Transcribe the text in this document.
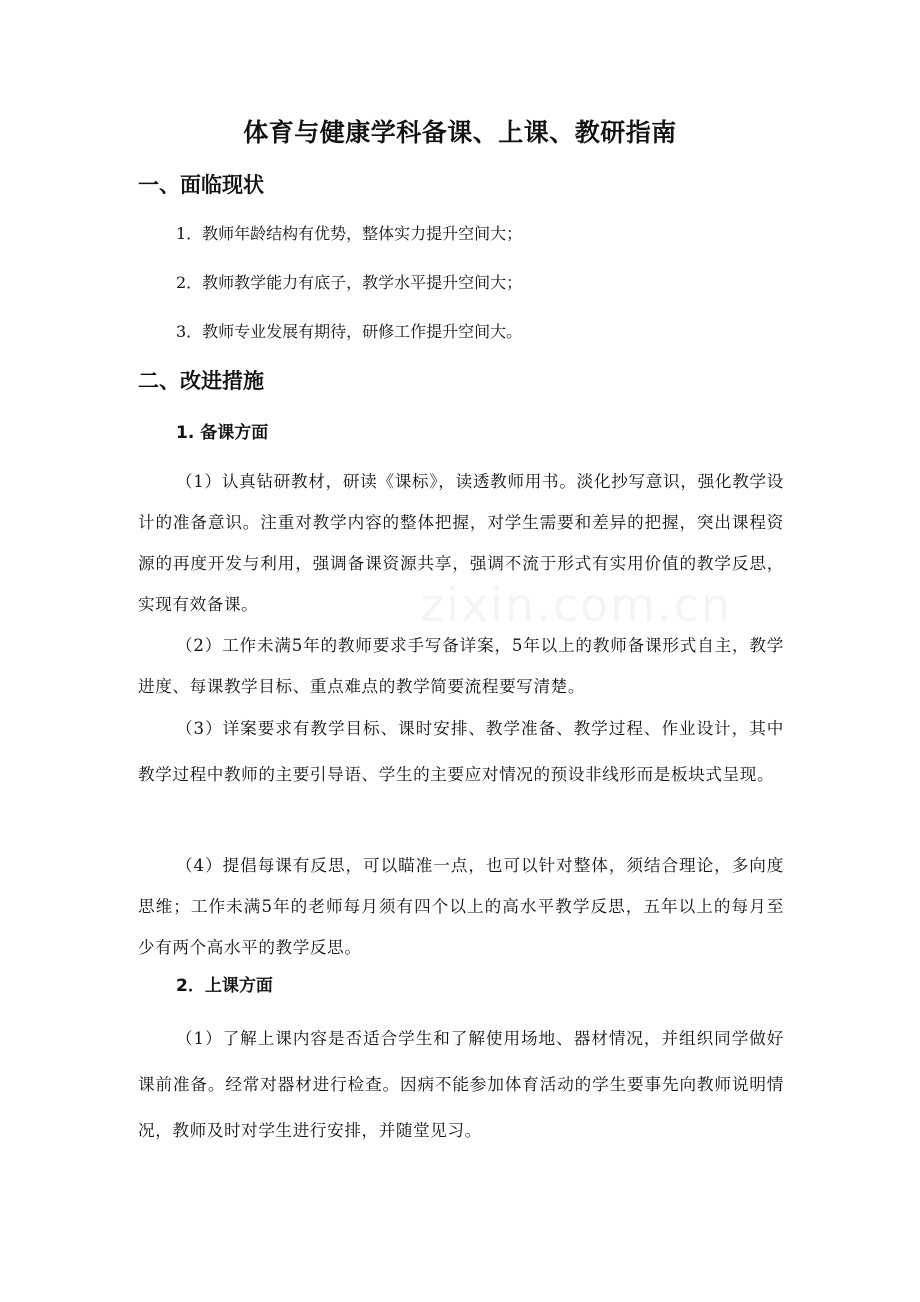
zixin.com.cn
体育与健康学科备课、上课、教研指南
一、面临现状
1．教师年龄结构有优势，整体实力提升空间大；
2．教师教学能力有底子，教学水平提升空间大；
3．教师专业发展有期待，研修工作提升空间大。
二、改进措施
1. 备课方面
（1）认真钻研教材，研读《课标》，读透教师用书。淡化抄写意识，强化教学设计的准备意识。注重对教学内容的整体把握，对学生需要和差异的把握，突出课程资源的再度开发与利用，强调备课资源共享，强调不流于形式有实用价值的教学反思，实现有效备课。
（2）工作未满5年的教师要求手写备详案，5年以上的教师备课形式自主，教学进度、每课教学目标、重点难点的教学简要流程要写清楚。
（3）详案要求有教学目标、课时安排、教学准备、教学过程、作业设计，其中教学过程中教师的主要引导语、学生的主要应对情况的预设非线形而是板块式呈现。
（4）提倡每课有反思，可以瞄准一点，也可以针对整体，须结合理论，多向度思维；工作未满5年的老师每月须有四个以上的高水平教学反思，五年以上的每月至少有两个高水平的教学反思。
2．上课方面
（1）了解上课内容是否适合学生和了解使用场地、器材情况，并组织同学做好课前准备。经常对器材进行检查。因病不能参加体育活动的学生要事先向教师说明情况，教师及时对学生进行安排，并随堂见习。
